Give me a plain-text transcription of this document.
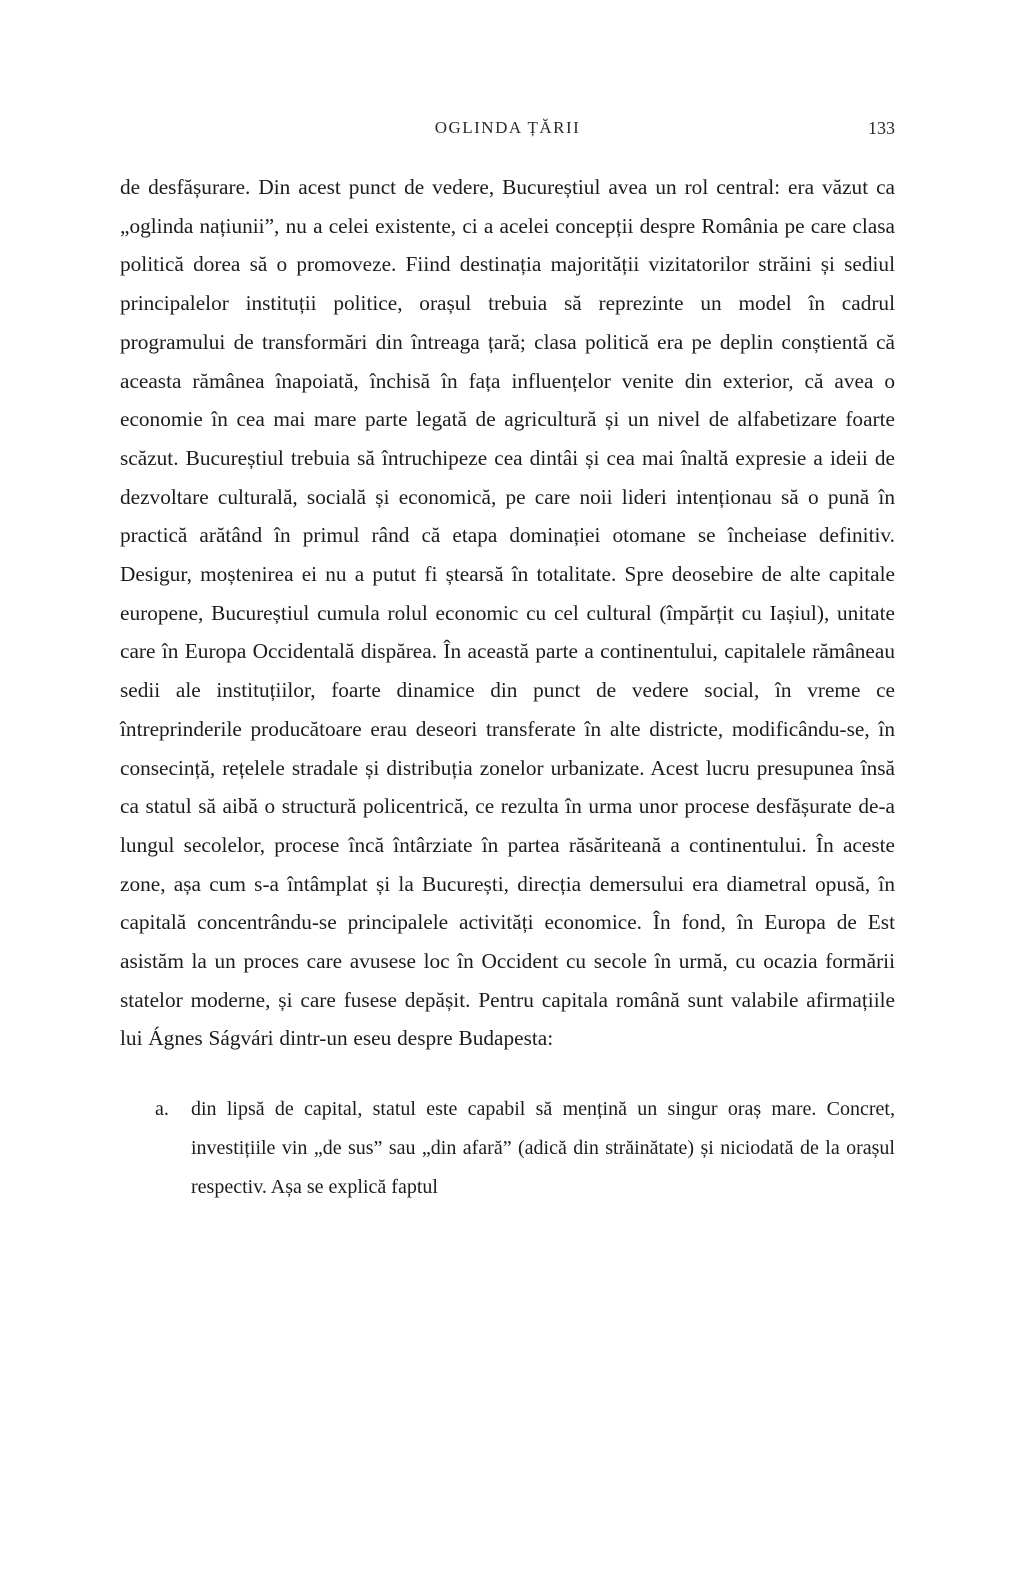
OGLINDA ȚĂRII	133

de desfășurare. Din acest punct de vedere, Bucureștiul avea un rol central: era văzut ca „oglinda națiunii”, nu a celei existente, ci a acelei concepții despre România pe care clasa politică dorea să o promoveze. Fiind destinația majorității vizitatorilor străini și sediul principalelor instituții politice, orașul trebuia să reprezinte un model în cadrul programului de transformări din întreaga țară; clasa politică era pe deplin conștientă că aceasta rămânea înapoiată, închisă în fața influențelor venite din exterior, că avea o economie în cea mai mare parte legată de agricultură și un nivel de alfabetizare foarte scăzut. Bucureștiul trebuia să întruchipeze cea dintâi și cea mai înaltă expresie a ideii de dezvoltare culturală, socială și economică, pe care noii lideri intenționau să o pună în practică arătând în primul rând că etapa dominației otomane se încheiase definitiv. Desigur, moștenirea ei nu a putut fi ștearsă în totalitate. Spre deosebire de alte capitale europene, Bucureștiul cumula rolul economic cu cel cultural (împărțit cu Iașiul), unitate care în Europa Occidentală dispărea. În această parte a continentului, capitalele rămâneau sedii ale instituțiilor, foarte dinamice din punct de vedere social, în vreme ce întreprinderile producătoare erau deseori transferate în alte districte, modificându-se, în consecință, rețelele stradale și distribuția zonelor urbanizate. Acest lucru presupunea însă ca statul să aibă o structură policentrică, ce rezulta în urma unor procese desfășurate de-a lungul secolelor, procese încă întârziate în partea răsăriteană a continentului. În aceste zone, așa cum s-a întâmplat și la București, direcția demersului era diametral opusă, în capitală concentrându-se principalele activități economice. În fond, în Europa de Est asistăm la un proces care avusese loc în Occident cu secole în urmă, cu ocazia formării statelor moderne, și care fusese depășit. Pentru capitala română sunt valabile afirmațiile lui Ágnes Ságvári dintr-un eseu despre Budapesta:

a.	din lipsă de capital, statul este capabil să mențină un singur oraș mare. Concret, investițiile vin „de sus” sau „din afară” (adică din străinătate) și niciodată de la orașul respectiv. Așa se explică faptul
